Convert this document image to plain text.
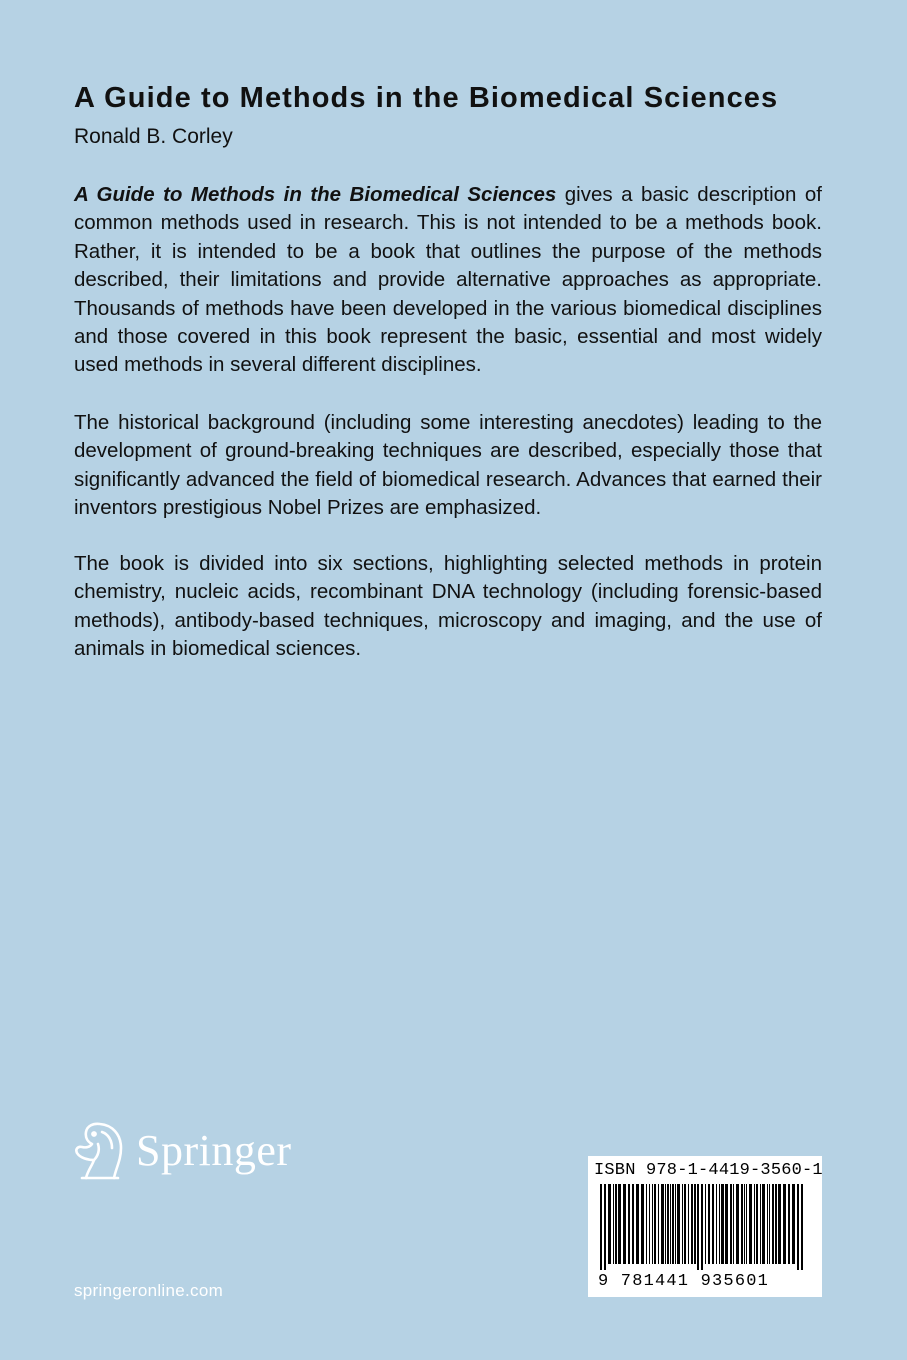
A Guide to Methods in the Biomedical Sciences
Ronald B. Corley

A Guide to Methods in the Biomedical Sciences gives a basic description of common methods used in research. This is not intended to be a methods book. Rather, it is intended to be a book that outlines the purpose of the methods described, their limitations and provide alternative approaches as appropriate. Thousands of methods have been developed in the various biomedical disciplines and those covered in this book represent the basic, essential and most widely used methods in several different disciplines.

The historical background (including some interesting anecdotes) leading to the development of ground-breaking techniques are described, especially those that significantly advanced the field of biomedical research. Advances that earned their inventors prestigious Nobel Prizes are emphasized.

The book is divided into six sections, highlighting selected methods in protein chemistry, nucleic acids, recombinant DNA technology (including forensic-based methods), antibody-based techniques, microscopy and imaging, and the use of animals in biomedical sciences.

Springer
springeronline.com
ISBN 978-1-4419-3560-1
9 781441 935601
